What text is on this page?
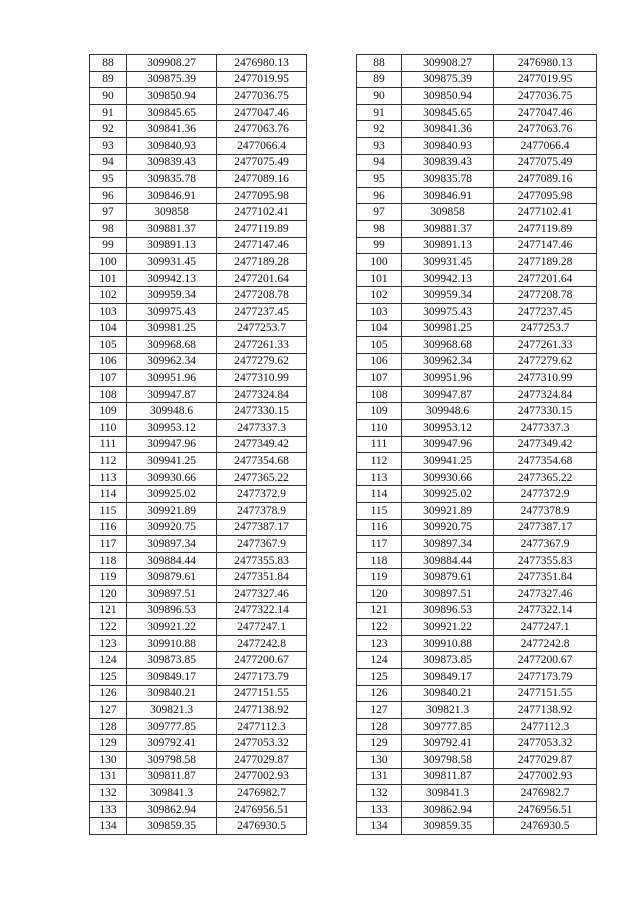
88	309908.27	2476980.13
89	309875.39	2477019.95
90	309850.94	2477036.75
91	309845.65	2477047.46
92	309841.36	2477063.76
93	309840.93	2477066.4
94	309839.43	2477075.49
95	309835.78	2477089.16
96	309846.91	2477095.98
97	309858	2477102.41
98	309881.37	2477119.89
99	309891.13	2477147.46
100	309931.45	2477189.28
101	309942.13	2477201.64
102	309959.34	2477208.78
103	309975.43	2477237.45
104	309981.25	2477253.7
105	309968.68	2477261.33
106	309962.34	2477279.62
107	309951.96	2477310.99
108	309947.87	2477324.84
109	309948.6	2477330.15
110	309953.12	2477337.3
111	309947.96	2477349.42
112	309941.25	2477354.68
113	309930.66	2477365.22
114	309925.02	2477372.9
115	309921.89	2477378.9
116	309920.75	2477387.17
117	309897.34	2477367.9
118	309884.44	2477355.83
119	309879.61	2477351.84
120	309897.51	2477327.46
121	309896.53	2477322.14
122	309921.22	2477247.1
123	309910.88	2477242.8
124	309873.85	2477200.67
125	309849.17	2477173.79
126	309840.21	2477151.55
127	309821.3	2477138.92
128	309777.85	2477112.3
129	309792.41	2477053.32
130	309798.58	2477029.87
131	309811.87	2477002.93
132	309841.3	2476982.7
133	309862.94	2476956.51
134	309859.35	2476930.5
88	309908.27	2476980.13
89	309875.39	2477019.95
90	309850.94	2477036.75
91	309845.65	2477047.46
92	309841.36	2477063.76
93	309840.93	2477066.4
94	309839.43	2477075.49
95	309835.78	2477089.16
96	309846.91	2477095.98
97	309858	2477102.41
98	309881.37	2477119.89
99	309891.13	2477147.46
100	309931.45	2477189.28
101	309942.13	2477201.64
102	309959.34	2477208.78
103	309975.43	2477237.45
104	309981.25	2477253.7
105	309968.68	2477261.33
106	309962.34	2477279.62
107	309951.96	2477310.99
108	309947.87	2477324.84
109	309948.6	2477330.15
110	309953.12	2477337.3
111	309947.96	2477349.42
112	309941.25	2477354.68
113	309930.66	2477365.22
114	309925.02	2477372.9
115	309921.89	2477378.9
116	309920.75	2477387.17
117	309897.34	2477367.9
118	309884.44	2477355.83
119	309879.61	2477351.84
120	309897.51	2477327.46
121	309896.53	2477322.14
122	309921.22	2477247.1
123	309910.88	2477242.8
124	309873.85	2477200.67
125	309849.17	2477173.79
126	309840.21	2477151.55
127	309821.3	2477138.92
128	309777.85	2477112.3
129	309792.41	2477053.32
130	309798.58	2477029.87
131	309811.87	2477002.93
132	309841.3	2476982.7
133	309862.94	2476956.51
134	309859.35	2476930.5
